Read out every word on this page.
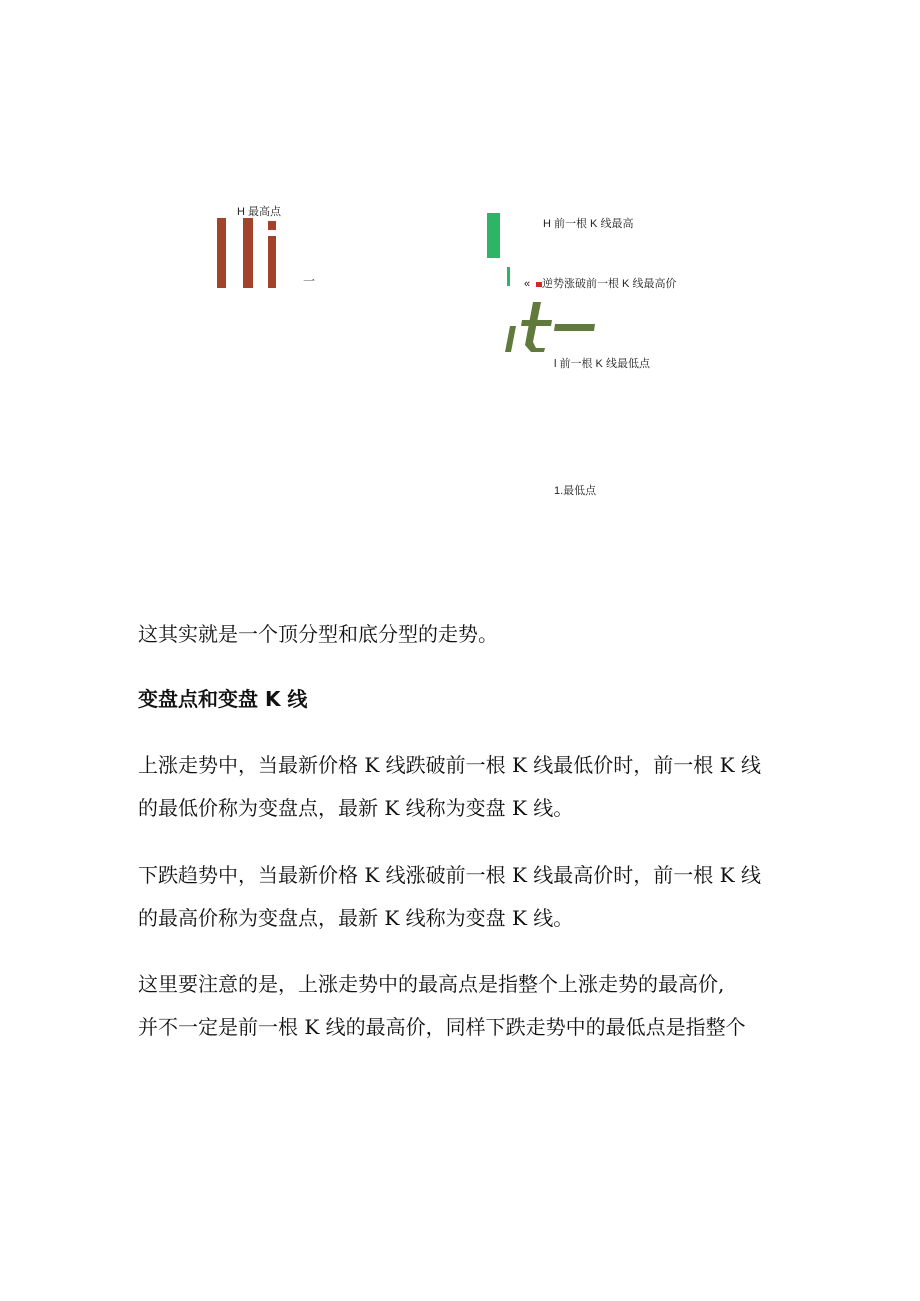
H 最高点
一
H 前一根 K 线最高
« 逆势涨破前一根 K 线最高价
l 前一根 K 线最低点
1.最低点
这其实就是一个顶分型和底分型的走势。
变盘点和变盘 K 线
上涨走势中，当最新价格 K 线跌破前一根 K 线最低价时，前一根 K 线
的最低价称为变盘点，最新 K 线称为变盘 K 线。
下跌趋势中，当最新价格 K 线涨破前一根 K 线最高价时，前一根 K 线
的最高价称为变盘点，最新 K 线称为变盘 K 线。
这里要注意的是，上涨走势中的最高点是指整个上涨走势的最高价,
并不一定是前一根 K 线的最高价，同样下跌走势中的最低点是指整个
